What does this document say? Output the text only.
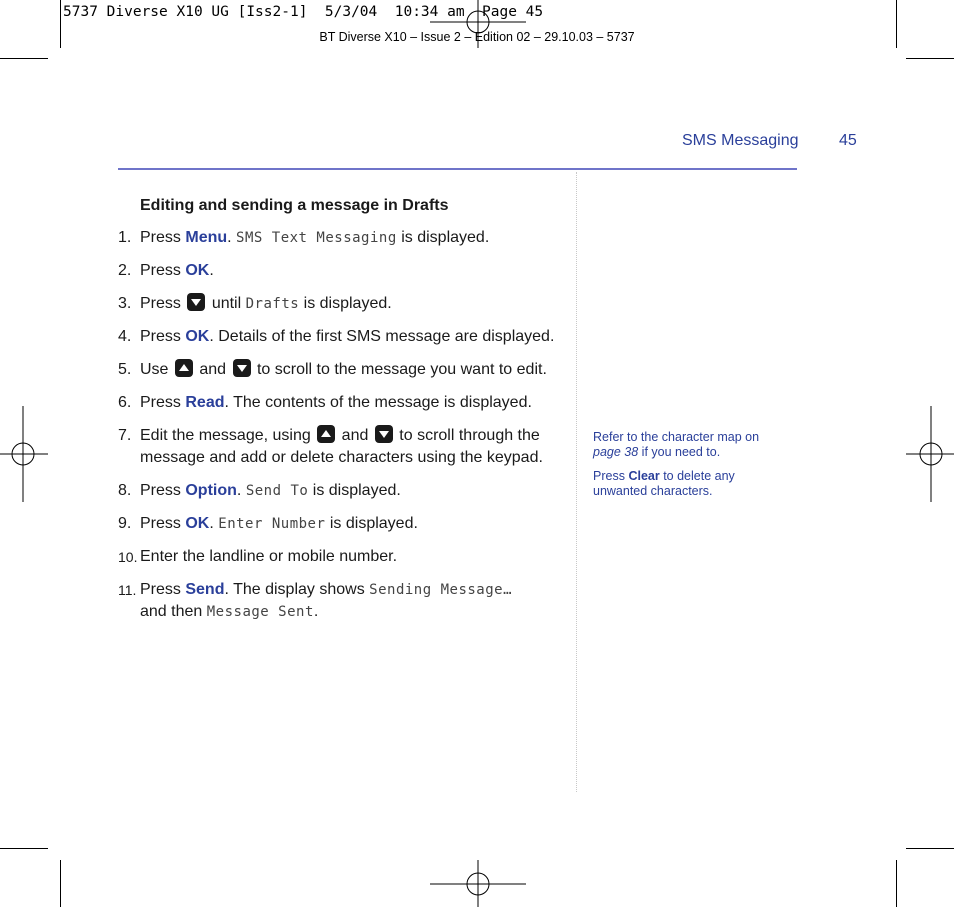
5737 Diverse X10 UG [Iss2-1]  5/3/04  10:34 am  Page 45
BT Diverse X10 – Issue 2 – Edition 02 – 29.10.03 – 5737
SMS Messaging	45
Editing and sending a message in Drafts
1. Press Menu. SMS Text Messaging is displayed.
2. Press OK.
3. Press until Drafts is displayed.
4. Press OK. Details of the first SMS message are displayed.
5. Use and  to scroll to the message you want to edit.
6. Press Read. The contents of the message is displayed.
7. Edit the message, using  and  to scroll through the message and add or delete characters using the keypad.
8. Press Option. Send To is displayed.
9. Press OK. Enter Number is displayed.
10. Enter the landline or mobile number.
11. Press Send. The display shows Sending Message…
and then Message Sent.

Refer to the character map on page 38 if you need to.

Press Clear to delete any unwanted characters.
